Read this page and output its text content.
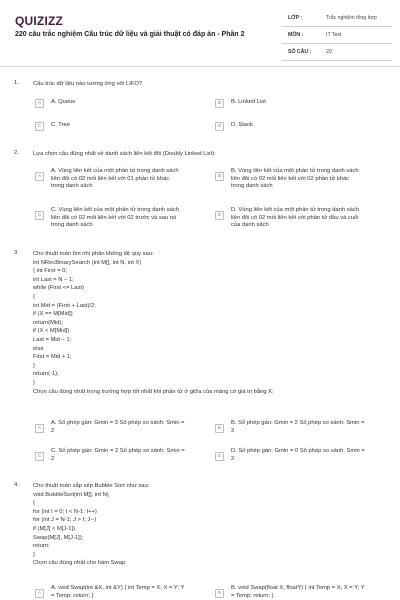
QUIZIZZ
220 câu trắc nghiệm Cấu trúc dữ liệu và giải thuật có đáp án - Phần 2
LỚP :	Trắc nghiệm tổng hợp
MÔN :	IT Test
SỐ CÂU :	20
1. Cấu trúc dữ liệu nào tương ứng với LIFO?
2. Lựa chọn câu đúng nhất về danh sách liên kết đôi (Doubly Linked List):
3. Cho thuật toán tìm nhị phân không đệ quy sau:
int NRecBinarySearch (int M[], int N, int X)
{ int First = 0;
int Last = N – 1;
while (First <= Last)
{
int Mid = (First + Last)/2;
if (X == M[Mid])
return(Mid);
if (X < M[Mid])
Last = Mid – 1;
else
First = Mid + 1;
}
return(-1);
}
Chọn câu đúng nhất trong trường hợp tốt nhất khi phần tử ở giữa của mảng có giá trị bằng X:
4. Cho thuật toán sắp xếp Bubble Sort như sau:
void BubbleSort(int M[], int N)
{
for (int I = 0; I < N-1; I++)
for (int J = N-1; J > I; J--)
if (M[J] < M[J-1])
Swap(M[J], M[J-1]);
return;
}
Chọn câu đúng nhất cho hàm Swap
A	A. Queue	B	B. Linked List
C	C. Tree	D	D. Stack
A
A. Vùng liên kết của một phần tử trong danh sách
liên đôi có 02 mối liên kết với 01 phần tử khác
trong danh sách
B
B. Vùng liên kết của một phần tử trong danh sách
liên đôi có 02 mối liên kết với 02 phần tử khác
trong danh sách
C
C. Vùng liên kết của một phần tử trong danh sách
liên đôi có 02 mối liên kết với 02 trước và sau nó
trong danh sách
D
D. Vùng liên kết của một phần tử trong danh sách
liên đôi có 02 mối liên kết với phần tử đầu và cuối
của danh sách
A
A. Số phép gán: Gmin = 3 Số phép so sánh: Smin =
2	B
B. Số phép gán: Gmin = 2 Số phép so sánh: Smin =
3
C
C. Số phép gán: Gmin = 2 Số phép so sánh: Smin =
2	D
D. Số phép gán: Gmin = 0 Số phép so sánh: Smin =
2
A
A. void Swap(int &X, int &Y) { int Temp = X; X = Y; Y
= Temp; return; }	B
B. void Swap(float X, floatY) { int Temp = X; X = Y; Y
= Temp; return; }
